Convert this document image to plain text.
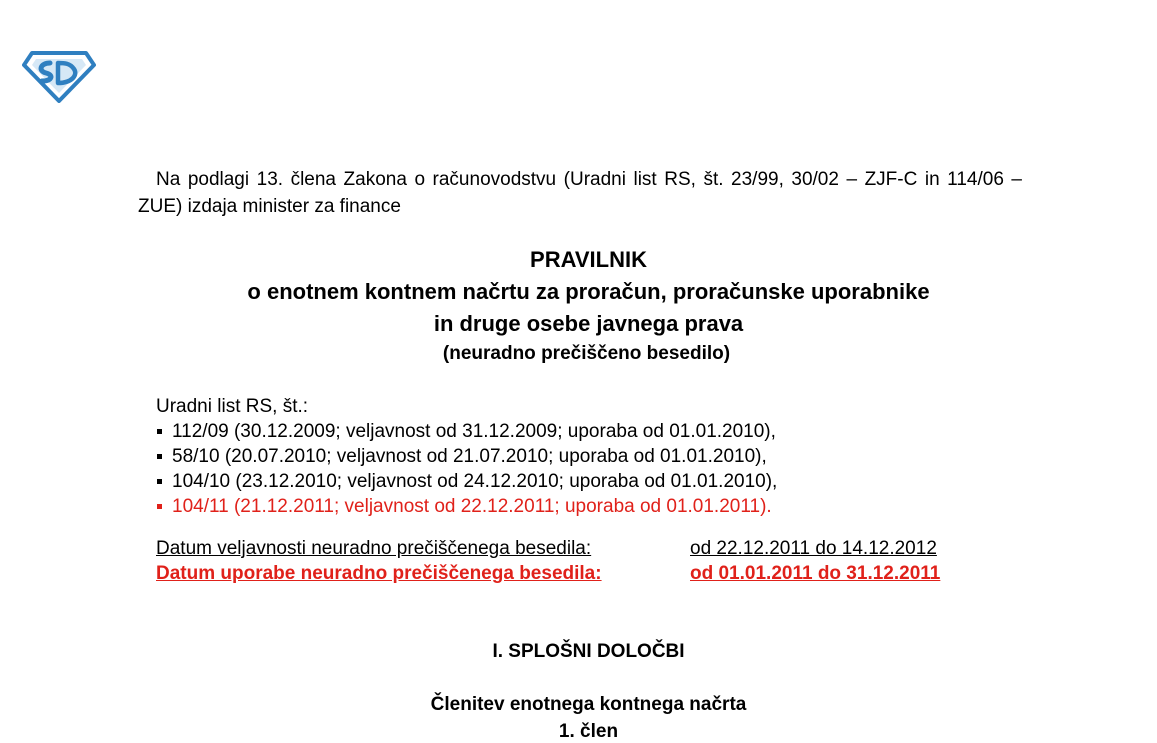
Na podlagi 13. člena Zakona o računovodstvu (Uradni list RS, št. 23/99, 30/02 – ZJF-C in 114/06 – ZUE) izdaja minister za finance

PRAVILNIK

o enotnem kontnem načrtu za proračun, proračunske uporabnike

in druge osebe javnega prava

(neuradno prečiščeno besedilo)

Uradni list RS, št.:
112/09 (30.12.2009; veljavnost od 31.12.2009; uporaba od 01.01.2010),
58/10 (20.07.2010; veljavnost od 21.07.2010; uporaba od 01.01.2010),
104/10 (23.12.2010; veljavnost od 24.12.2010; uporaba od 01.01.2010),
104/11 (21.12.2011; veljavnost od 22.12.2011; uporaba od 01.01.2011).
Datum veljavnosti neuradno prečiščenega besedila:	od 22.12.2011 do 14.12.2012
Datum uporabe neuradno prečiščenega besedila:	od 01.01.2011 do 31.12.2011

I. SPLOŠNI DOLOČBI

Členitev enotnega kontnega načrta

1. člen
